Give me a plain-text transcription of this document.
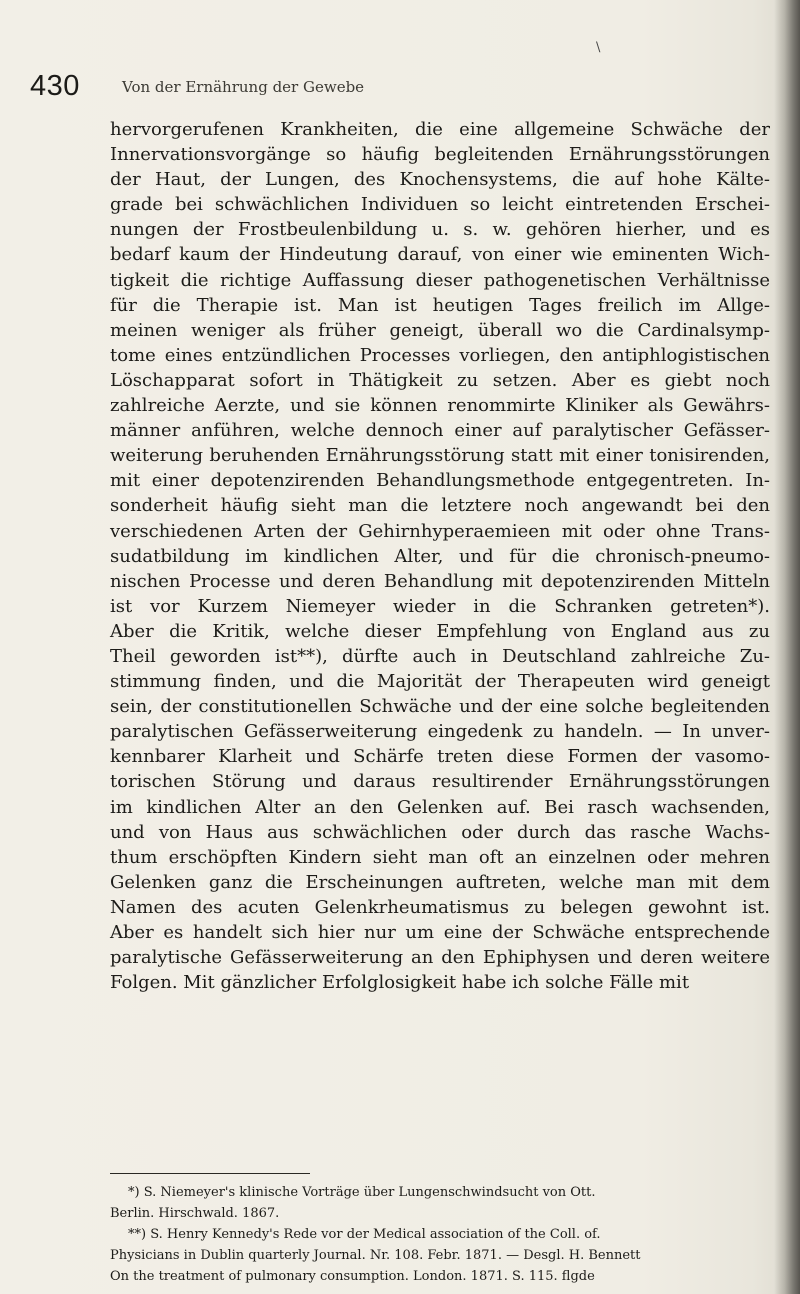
\
430	Von der Ernährung der Gewebe
hervorgerufenen Krankheiten, die eine allgemeine Schwäche der
Innervationsvorgänge so häufig begleitenden Ernährungsstörungen
der Haut, der Lungen, des Knochensystems, die auf hohe Kälte-
grade bei schwächlichen Individuen so leicht eintretenden Erschei-
nungen der Frostbeulenbildung u. s. w. gehören hierher, und es
bedarf kaum der Hindeutung darauf, von einer wie eminenten Wich-
tigkeit die richtige Auffassung dieser pathogenetischen Verhältnisse
für die Therapie ist. Man ist heutigen Tages freilich im Allge-
meinen weniger als früher geneigt, überall wo die Cardinalsymp-
tome eines entzündlichen Processes vorliegen, den antiphlogistischen
Löschapparat sofort in Thätigkeit zu setzen. Aber es giebt noch
zahlreiche Aerzte, und sie können renommirte Kliniker als Gewährs-
männer anführen, welche dennoch einer auf paralytischer Gefässer-
weiterung beruhenden Ernährungsstörung statt mit einer tonisirenden,
mit einer depotenzirenden Behandlungsmethode entgegentreten. In-
sonderheit häufig sieht man die letztere noch angewandt bei den
verschiedenen Arten der Gehirnhyperaemieen mit oder ohne Trans-
sudatbildung im kindlichen Alter, und für die chronisch-pneumo-
nischen Processe und deren Behandlung mit depotenzirenden Mitteln
ist vor Kurzem Niemeyer wieder in die Schranken getreten*).
Aber die Kritik, welche dieser Empfehlung von England aus zu
Theil geworden ist**), dürfte auch in Deutschland zahlreiche Zu-
stimmung finden, und die Majorität der Therapeuten wird geneigt
sein, der constitutionellen Schwäche und der eine solche begleitenden
paralytischen Gefässerweiterung eingedenk zu handeln. — In unver-
kennbarer Klarheit und Schärfe treten diese Formen der vasomo-
torischen Störung und daraus resultirender Ernährungsstörungen
im kindlichen Alter an den Gelenken auf. Bei rasch wachsenden,
und von Haus aus schwächlichen oder durch das rasche Wachs-
thum erschöpften Kindern sieht man oft an einzelnen oder mehren
Gelenken ganz die Erscheinungen auftreten, welche man mit dem
Namen des acuten Gelenkrheumatismus zu belegen gewohnt ist.
Aber es handelt sich hier nur um eine der Schwäche entsprechende
paralytische Gefässerweiterung an den Ephiphysen und deren weitere
Folgen. Mit gänzlicher Erfolglosigkeit habe ich solche Fälle mit
*) S. Niemeyer's klinische Vorträge über Lungenschwindsucht von Ott.
Berlin. Hirschwald. 1867.
**) S. Henry Kennedy's Rede vor der Medical association of the Coll. of.
Physicians in Dublin quarterly Journal. Nr. 108. Febr. 1871. — Desgl. H. Bennett
On the treatment of pulmonary consumption. London. 1871. S. 115. flgde
